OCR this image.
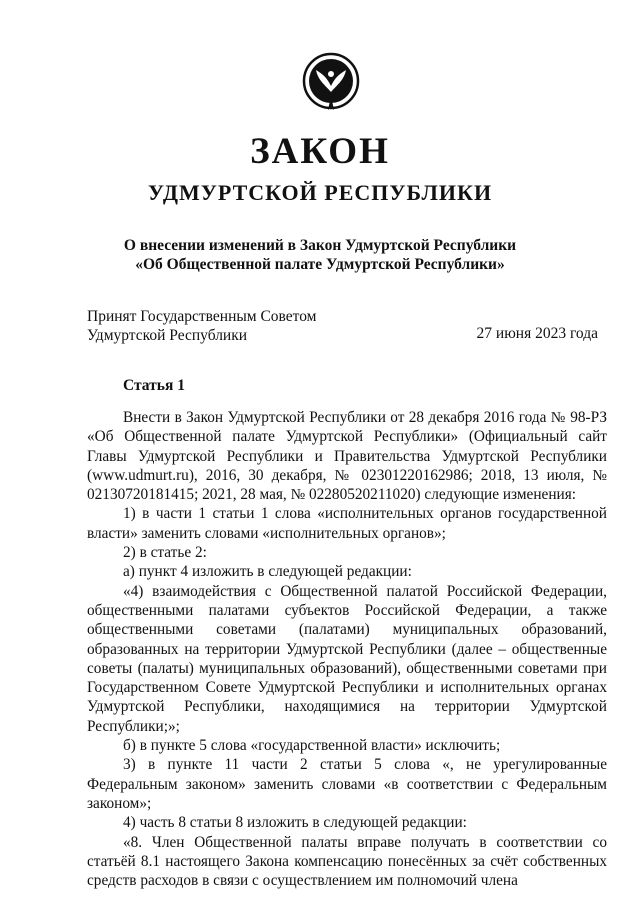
ЗАКОН
УДМУРТСКОЙ РЕСПУБЛИКИ
О внесении изменений в Закон Удмуртской Республики
«Об Общественной палате Удмуртской Республики»
Принят Государственным Советом
Удмуртской Республики	27 июня 2023 года
Статья 1

Внести в Закон Удмуртской Республики от 28 декабря 2016 года № 98-РЗ «Об Общественной палате Удмуртской Республики» (Официальный сайт Главы Удмуртской Республики и Правительства Удмуртской Республики (www.udmurt.ru), 2016, 30 декабря, № 02301220162986; 2018, 13 июля, № 02130720181415; 2021, 28 мая, № 02280520211020) следующие изменения:

1) в части 1 статьи 1 слова «исполнительных органов государственной власти» заменить словами «исполнительных органов»;

2) в статье 2:

а) пункт 4 изложить в следующей редакции:

«4) взаимодействия с Общественной палатой Российской Федерации, общественными палатами субъектов Российской Федерации, а также общественными советами (палатами) муниципальных образований, образованных на территории Удмуртской Республики (далее – общественные советы (палаты) муниципальных образований), общественными советами при Государственном Совете Удмуртской Республики и исполнительных органах Удмуртской Республики, находящимися на территории Удмуртской Республики;»;

б) в пункте 5 слова «государственной власти» исключить;

3) в пункте 11 части 2 статьи 5 слова «, не урегулированные Федеральным законом» заменить словами «в соответствии с Федеральным законом»;

4) часть 8 статьи 8 изложить в следующей редакции:

«8. Член Общественной палаты вправе получать в соответствии со статьёй 8.1 настоящего Закона компенсацию понесённых за счёт собственных средств расходов в связи с осуществлением им полномочий члена
